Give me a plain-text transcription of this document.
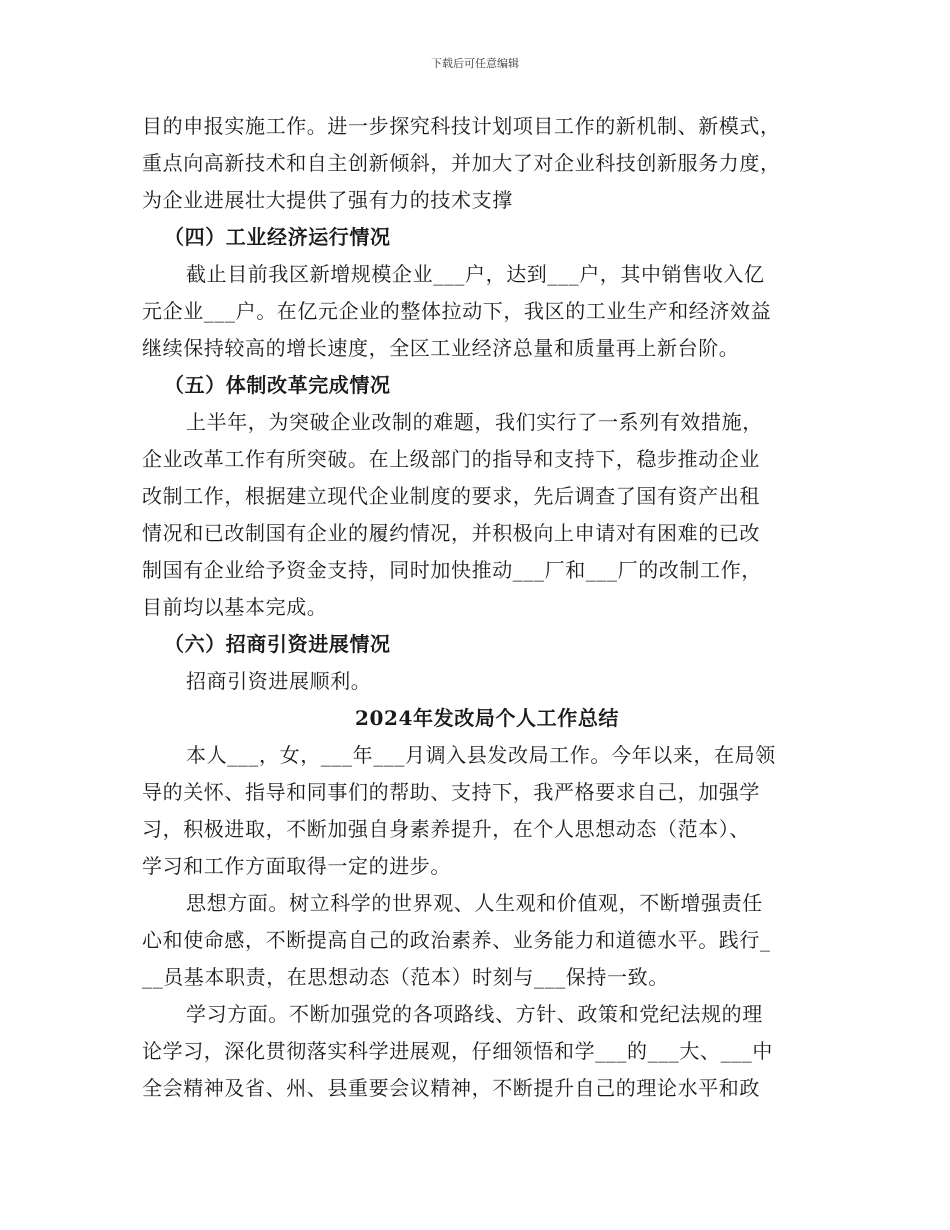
下载后可任意编辑
目的申报实施工作。进一步探究科技计划项目工作的新机制、新模式，
重点向高新技术和自主创新倾斜，并加大了对企业科技创新服务力度，
为企业进展壮大提供了强有力的技术支撑
（四）工业经济运行情况
截止目前我区新增规模企业___户，达到___户，其中销售收入亿
元企业___户。在亿元企业的整体拉动下，我区的工业生产和经济效益
继续保持较高的增长速度，全区工业经济总量和质量再上新台阶。
（五）体制改革完成情况
上半年，为突破企业改制的难题，我们实行了一系列有效措施，
企业改革工作有所突破。在上级部门的指导和支持下，稳步推动企业
改制工作，根据建立现代企业制度的要求，先后调查了国有资产出租
情况和已改制国有企业的履约情况，并积极向上申请对有困难的已改
制国有企业给予资金支持，同时加快推动___厂和___厂的改制工作，
目前均以基本完成。
（六）招商引资进展情况
招商引资进展顺利。
2024年发改局个人工作总结
本人___，女，___年___月调入县发改局工作。今年以来，在局领
导的关怀、指导和同事们的帮助、支持下，我严格要求自己，加强学
习，积极进取，不断加强自身素养提升，在个人思想动态（范本）、
学习和工作方面取得一定的进步。
思想方面。树立科学的世界观、人生观和价值观，不断增强责任
心和使命感，不断提高自己的政治素养、业务能力和道德水平。践行_
__员基本职责，在思想动态（范本）时刻与___保持一致。
学习方面。不断加强党的各项路线、方针、政策和党纪法规的理
论学习，深化贯彻落实科学进展观，仔细领悟和学___的___大、___中
全会精神及省、州、县重要会议精神，不断提升自己的理论水平和政
